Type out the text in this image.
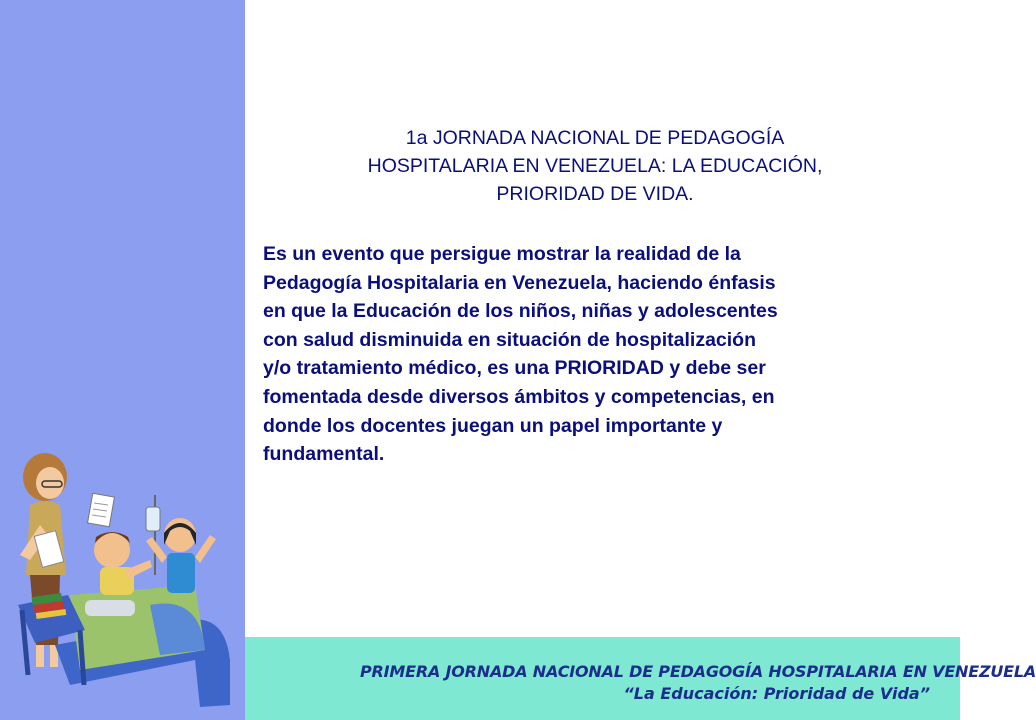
1a JORNADA NACIONAL DE PEDAGOGÍA
HOSPITALARIA EN VENEZUELA: LA EDUCACIÓN,
PRIORIDAD DE VIDA.
Es un evento que persigue mostrar la realidad de la
Pedagogía Hospitalaria en Venezuela, haciendo énfasis
en que la Educación de los niños, niñas y adolescentes
con salud disminuida en situación de hospitalización
y/o tratamiento médico, es una PRIORIDAD y debe ser
fomentada desde diversos ámbitos y competencias, en
donde los docentes juegan un papel importante y
fundamental.
PRIMERA JORNADA NACIONAL DE PEDAGOGÍA HOSPITALARIA EN VENEZUELA
“La Educación: Prioridad de Vida”
